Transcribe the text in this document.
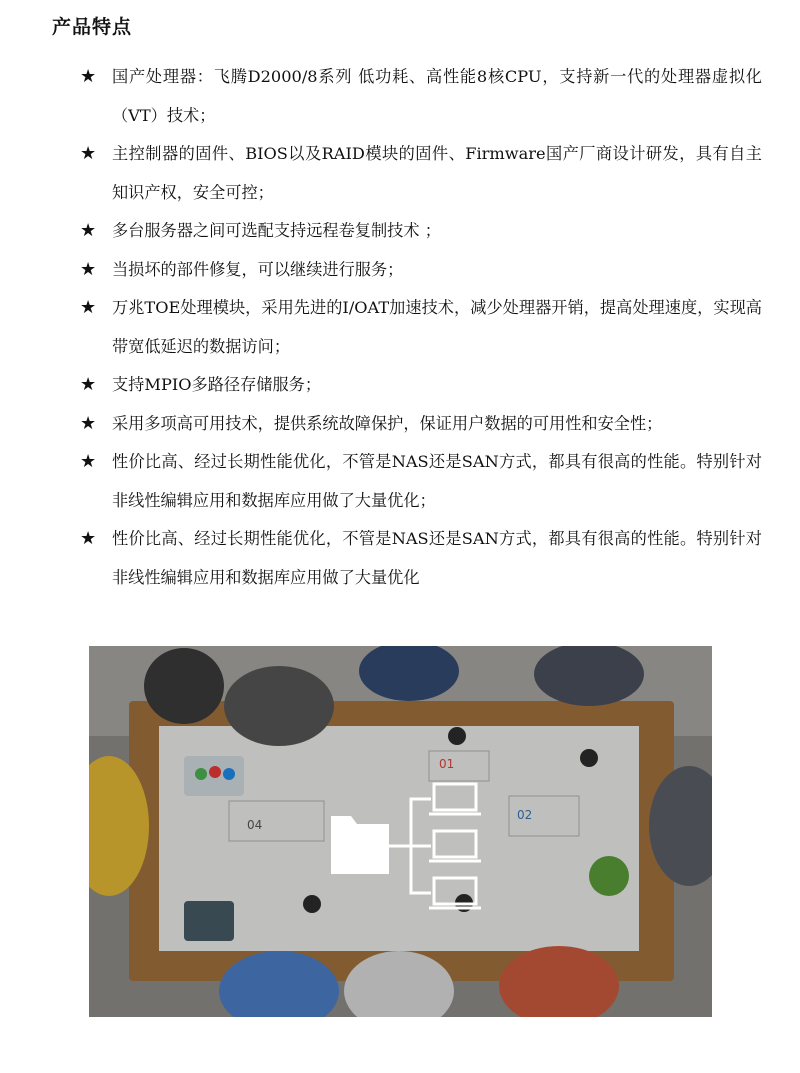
产品特点
★ 国产处理器：飞腾D2000/8系列 低功耗、高性能8核CPU，支持新一代的处理器虚拟化（VT）技术；
★ 主控制器的固件、BIOS以及RAID模块的固件、Firmware国产厂商设计研发，具有自主知识产权，安全可控；
★ 多台服务器之间可选配支持远程卷复制技术 ；
★ 当损坏的部件修复，可以继续进行服务；
★ 万兆TOE处理模块，采用先进的I/OAT加速技术，减少处理器开销，提高处理速度，实现高带宽低延迟的数据访问；
★ 支持MPIO多路径存储服务；
★ 采用多项高可用技术，提供系统故障保护，保证用户数据的可用性和安全性；
★ 性价比高、经过长期性能优化，不管是NAS还是SAN方式，都具有很高的性能。特别针对非线性编辑应用和数据库应用做了大量优化；
★ 性价比高、经过长期性能优化，不管是NAS还是SAN方式，都具有很高的性能。特别针对非线性编辑应用和数据库应用做了大量优化
04
01
02
